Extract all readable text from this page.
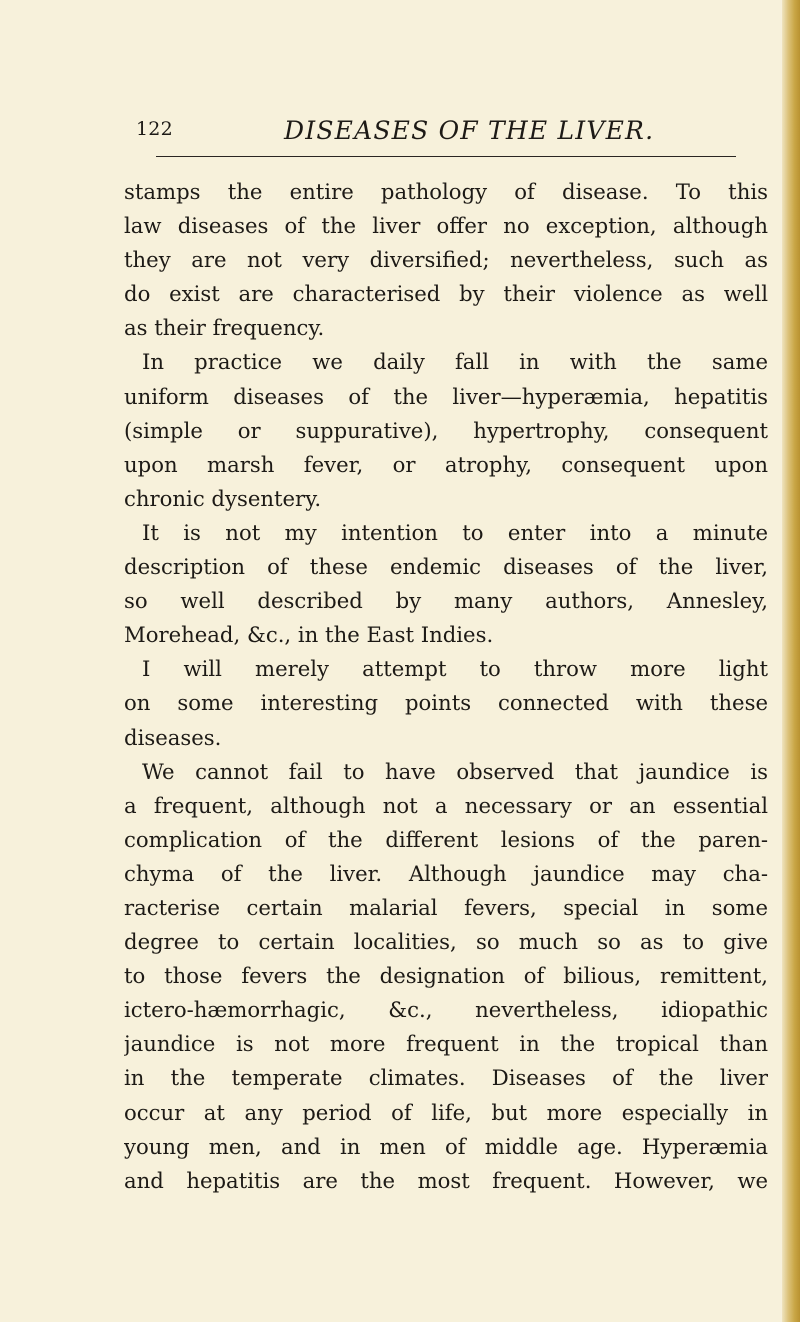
122	DISEASES OF THE LIVER.
stamps the entire pathology of disease. To this
law diseases of the liver offer no exception, although
they are not very diversified; nevertheless, such as
do exist are characterised by their violence as well
as their frequency.
In practice we daily fall in with the same
uniform diseases of the liver—hyperæmia, hepatitis
(simple or suppurative), hypertrophy, consequent
upon marsh fever, or atrophy, consequent upon
chronic dysentery.
It is not my intention to enter into a minute
description of these endemic diseases of the liver,
so well described by many authors, Annesley,
Morehead, &c., in the East Indies.
I will merely attempt to throw more light
on some interesting points connected with these
diseases.
We cannot fail to have observed that jaundice is
a frequent, although not a necessary or an essential
complication of the different lesions of the paren-
chyma of the liver. Although jaundice may cha-
racterise certain malarial fevers, special in some
degree to certain localities, so much so as to give
to those fevers the designation of bilious, remittent,
ictero-hæmorrhagic, &c., nevertheless, idiopathic
jaundice is not more frequent in the tropical than
in the temperate climates. Diseases of the liver
occur at any period of life, but more especially in
young men, and in men of middle age. Hyperæmia
and hepatitis are the most frequent. However, we
